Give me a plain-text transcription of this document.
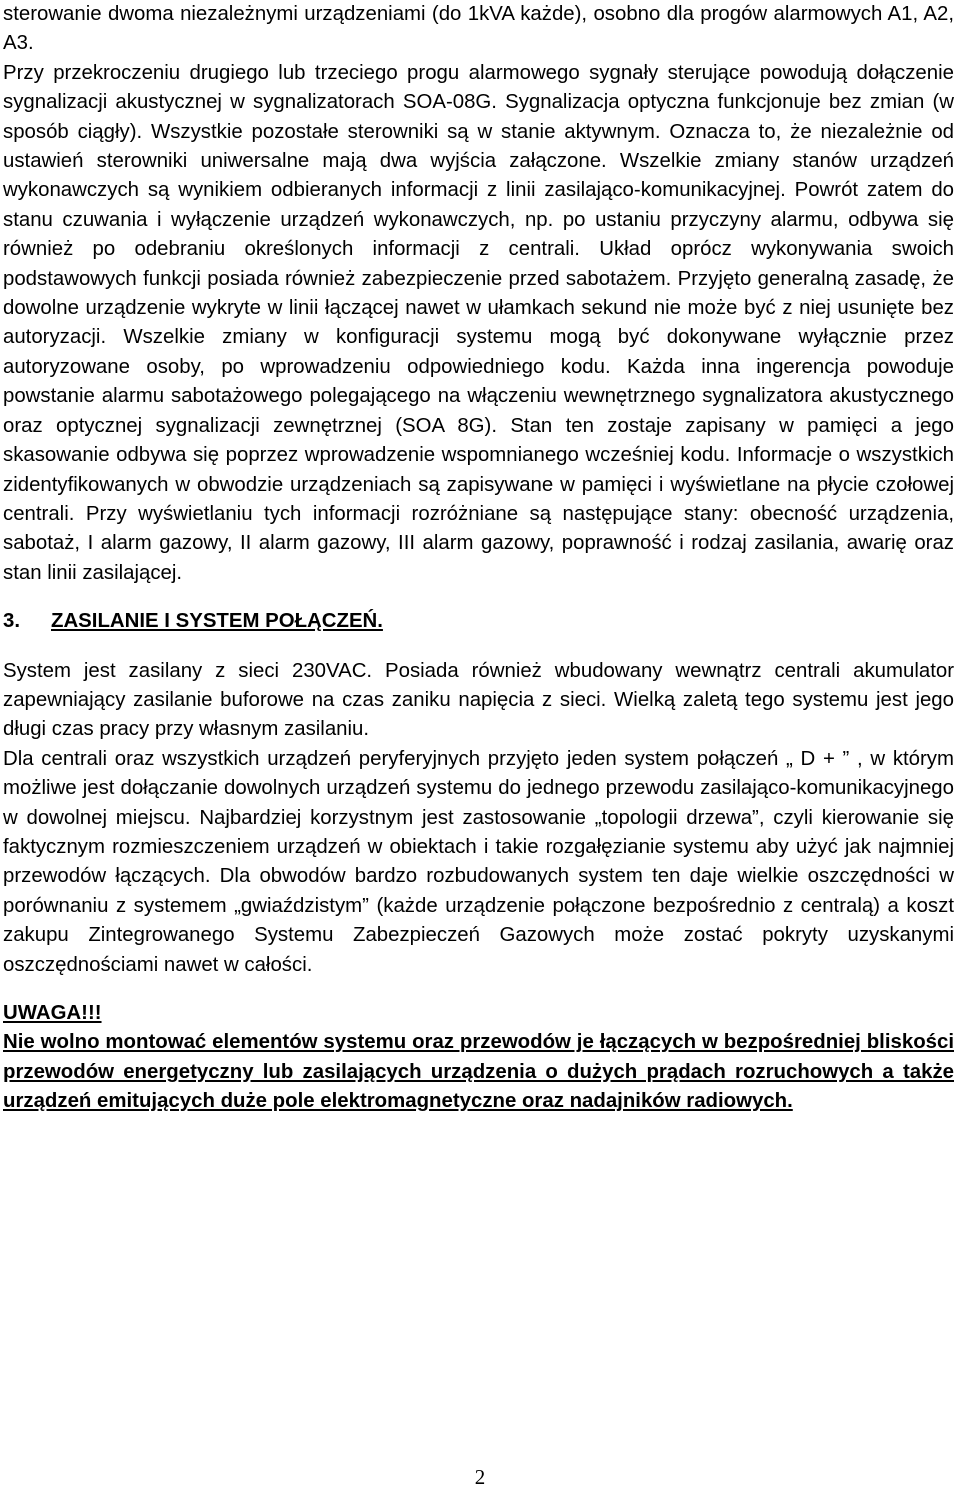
sterowanie dwoma niezależnymi urządzeniami (do 1kVA każde), osobno dla progów alarmowych A1, A2, A3.

Przy przekroczeniu drugiego lub trzeciego progu alarmowego sygnały sterujące powodują dołączenie sygnalizacji akustycznej w sygnalizatorach SOA-08G. Sygnalizacja optyczna funkcjonuje bez zmian (w sposób ciągły). Wszystkie pozostałe sterowniki są w stanie aktywnym. Oznacza to, że niezależnie od ustawień sterowniki uniwersalne mają dwa wyjścia załączone. Wszelkie zmiany stanów urządzeń wykonawczych są wynikiem odbieranych informacji z linii zasilająco-komunikacyjnej. Powrót zatem do stanu czuwania i wyłączenie urządzeń wykonawczych, np. po ustaniu przyczyny alarmu, odbywa się również po odebraniu określonych informacji z centrali. Układ oprócz wykonywania swoich podstawowych funkcji posiada również zabezpieczenie przed sabotażem. Przyjęto generalną zasadę, że dowolne urządzenie wykryte w linii łączącej nawet w ułamkach sekund nie może być z niej usunięte bez autoryzacji. Wszelkie zmiany w konfiguracji systemu mogą być dokonywane wyłącznie przez autoryzowane osoby, po wprowadzeniu odpowiedniego kodu. Każda inna ingerencja powoduje powstanie alarmu sabotażowego polegającego na włączeniu wewnętrznego sygnalizatora akustycznego oraz optycznej sygnalizacji zewnętrznej (SOA 8G). Stan ten zostaje zapisany w pamięci a jego skasowanie odbywa się poprzez wprowadzenie wspomnianego wcześniej kodu. Informacje o wszystkich zidentyfikowanych w obwodzie urządzeniach są zapisywane w pamięci i wyświetlane na płycie czołowej centrali. Przy wyświetlaniu tych informacji rozróżniane są następujące stany: obecność urządzenia, sabotaż, I alarm gazowy, II alarm gazowy, III alarm gazowy, poprawność i rodzaj zasilania, awarię oraz stan linii zasilającej.

3. ZASILANIE I SYSTEM POŁĄCZEŃ.

System jest zasilany z sieci 230VAC. Posiada również wbudowany wewnątrz centrali akumulator zapewniający zasilanie buforowe na czas zaniku napięcia z sieci. Wielką zaletą tego systemu jest jego długi czas pracy przy własnym zasilaniu.

Dla centrali oraz wszystkich urządzeń peryferyjnych przyjęto jeden system połączeń „ D + ” , w którym możliwe jest dołączanie dowolnych urządzeń systemu do jednego przewodu zasilająco-komunikacyjnego w dowolnej miejscu. Najbardziej korzystnym jest zastosowanie „topologii drzewa”, czyli kierowanie się faktycznym rozmieszczeniem urządzeń w obiektach i takie rozgałęzianie systemu aby użyć jak najmniej przewodów łączących. Dla obwodów bardzo rozbudowanych system ten daje wielkie oszczędności w porównaniu z systemem „gwiaździstym” (każde urządzenie połączone bezpośrednio z centralą) a koszt zakupu Zintegrowanego Systemu Zabezpieczeń Gazowych może zostać pokryty uzyskanymi oszczędnościami nawet w całości.

UWAGA!!!

Nie wolno montować elementów systemu oraz przewodów je łączących w bezpośredniej bliskości przewodów energetyczny lub zasilających urządzenia o dużych prądach rozruchowych a także urządzeń emitujących duże pole elektromagnetyczne oraz nadajników radiowych.

2
